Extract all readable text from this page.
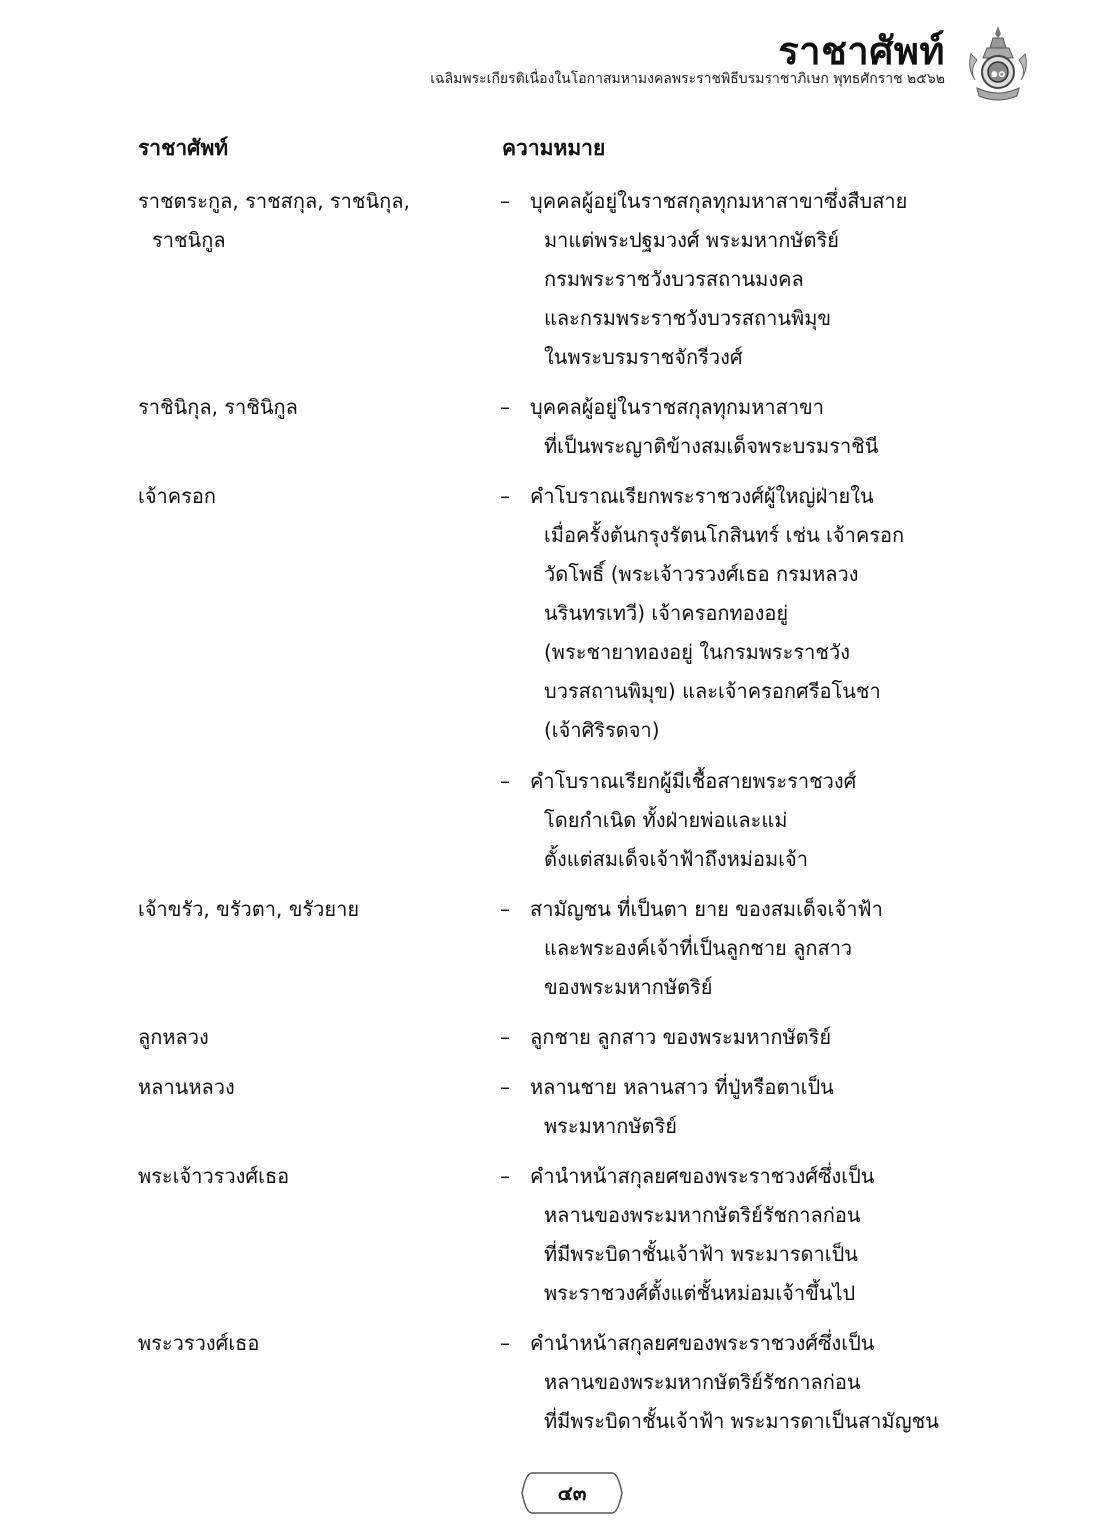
ราชาศัพท์
เฉลิมพระเกียรติเนื่องในโอกาสมหามงคลพระราชพิธีบรมราชาภิเษก พุทธศักราช ๒๕๖๒	๑๐
ราชาศัพท์	ความหมาย
ราชตระกูล, ราชสกุล, ราชนิกุล,
ราชนิกูล
–	บุคคลผู้อยู่ในราชสกุลทุกมหาสาขาซึ่งสืบสาย
มาแต่พระปฐมวงศ์ พระมหากษัตริย์
กรมพระราชวังบวรสถานมงคล
และกรมพระราชวังบวรสถานพิมุข
ในพระบรมราชจักรีวงศ์
ราชินิกุล, ราชินิกูล	–	บุคคลผู้อยู่ในราชสกุลทุกมหาสาขา
ที่เป็นพระญาติข้างสมเด็จพระบรมราชินี
เจ้าครอก	–	คำโบราณเรียกพระราชวงศ์ผู้ใหญ่ฝ่ายใน
เมื่อครั้งต้นกรุงรัตนโกสินทร์ เช่น เจ้าครอก
วัดโพธิ์ (พระเจ้าวรวงศ์เธอ กรมหลวง
นรินทรเทวี) เจ้าครอกทองอยู่
(พระชายาทองอยู่ ในกรมพระราชวัง
บวรสถานพิมุข) และเจ้าครอกศรีอโนชา
(เจ้าศิริรดจา)
–	คำโบราณเรียกผู้มีเชื้อสายพระราชวงศ์
โดยกำเนิด ทั้งฝ่ายพ่อและแม่
ตั้งแต่สมเด็จเจ้าฟ้าถึงหม่อมเจ้า
เจ้าขรัว, ขรัวตา, ขรัวยาย	–	สามัญชน ที่เป็นตา ยาย ของสมเด็จเจ้าฟ้า
และพระองค์เจ้าที่เป็นลูกชาย ลูกสาว
ของพระมหากษัตริย์
ลูกหลวง	–	ลูกชาย ลูกสาว ของพระมหากษัตริย์
หลานหลวง	–	หลานชาย หลานสาว ที่ปู่หรือตาเป็น
พระมหากษัตริย์
พระเจ้าวรวงศ์เธอ	–	คำนำหน้าสกุลยศของพระราชวงศ์ซึ่งเป็น
หลานของพระมหากษัตริย์รัชกาลก่อน
ที่มีพระบิดาชั้นเจ้าฟ้า พระมารดาเป็น
พระราชวงศ์ตั้งแต่ชั้นหม่อมเจ้าขึ้นไป
พระวรวงศ์เธอ	–	คำนำหน้าสกุลยศของพระราชวงศ์ซึ่งเป็น
หลานของพระมหากษัตริย์รัชกาลก่อน
ที่มีพระบิดาชั้นเจ้าฟ้า พระมารดาเป็นสามัญชน
๔๓
